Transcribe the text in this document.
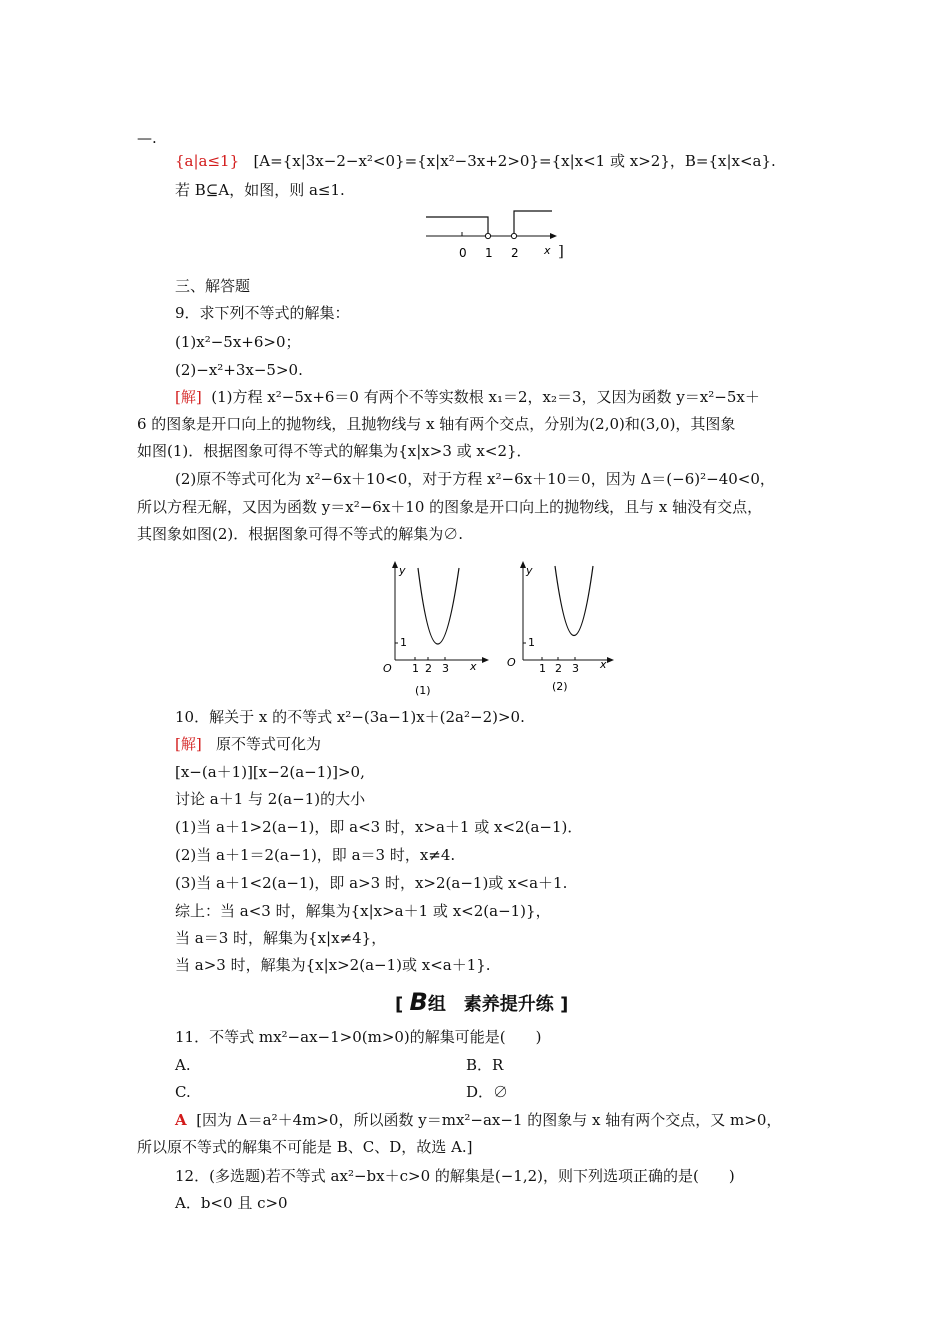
—.
{a|a≤1} [A={x|3x−2−x²<0}={x|x²−3x+2>0}={x|x<1 或 x>2}，B={x|x<a}.
若 B⊆A，如图，则 a≤1.
0 1 2 x ]
三、解答题
9．求下列不等式的解集：
(1)x²−5x+6>0；
(2)−x²+3x−5>0.
[解] (1)方程 x²−5x+6＝0 有两个不等实数根 x₁＝2，x₂＝3，又因为函数 y＝x²−5x＋
6 的图象是开口向上的抛物线，且抛物线与 x 轴有两个交点，分别为(2,0)和(3,0)，其图象
如图(1)．根据图象可得不等式的解集为{x|x>3 或 x<2}．
(2)原不等式可化为 x²−6x＋10<0，对于方程 x²−6x＋10＝0，因为 Δ＝(−6)²−40<0，
所以方程无解，又因为函数 y＝x²−6x＋10 的图象是开口向上的抛物线，且与 x 轴没有交点，
其图象如图(2)．根据图象可得不等式的解集为∅.
y
1
O 1 2 3 x
(1)
y
1
O 1 2 3 x
(2)
10．解关于 x 的不等式 x²−(3a−1)x＋(2a²−2)>0.
[解] 原不等式可化为
[x−(a＋1)][x−2(a−1)]>0,
讨论 a＋1 与 2(a−1)的大小
(1)当 a＋1>2(a−1)，即 a<3 时，x>a＋1 或 x<2(a−1)．
(2)当 a＋1＝2(a−1)，即 a＝3 时，x≠4.
(3)当 a＋1<2(a−1)，即 a>3 时，x>2(a−1)或 x<a＋1.
综上：当 a<3 时，解集为{x|x>a＋1 或 x<2(a−1)}，
当 a＝3 时，解集为{x|x≠4}，
当 a>3 时，解集为{x|x>2(a−1)或 x<a＋1}.
[ B组　素养提升练 ]
11．不等式 mx²−ax−1>0(m>0)的解集可能是(　　)
A.	B．R
C.	D．∅
A [因为 Δ＝a²＋4m>0，所以函数 y＝mx²−ax−1 的图象与 x 轴有两个交点，又 m>0，
所以原不等式的解集不可能是 B、C、D，故选 A.]
12．(多选题)若不等式 ax²−bx＋c>0 的解集是(−1,2)，则下列选项正确的是(　　)
A．b<0 且 c>0
